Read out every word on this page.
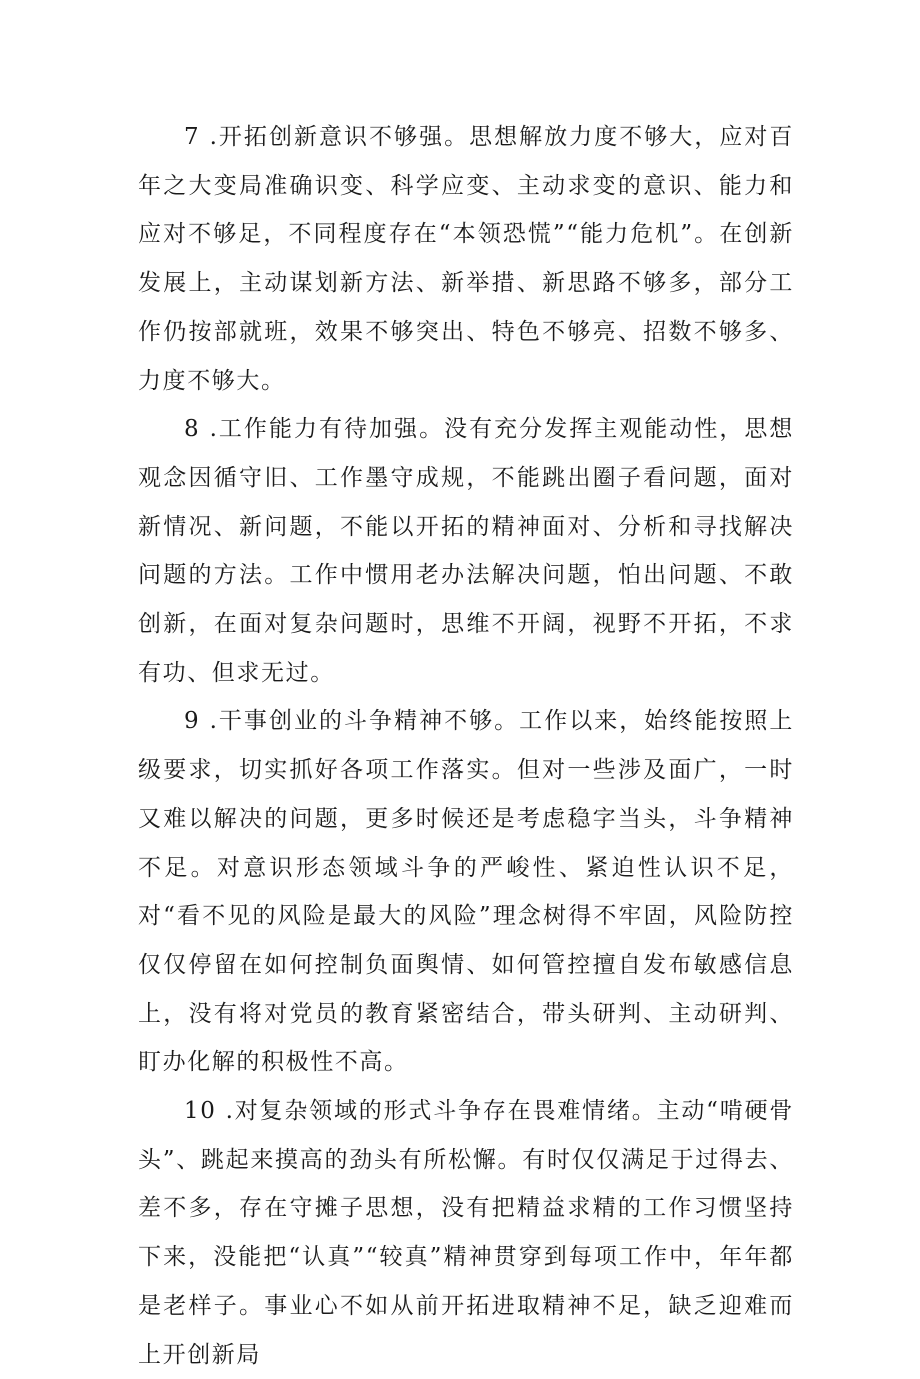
7 .开拓创新意识不够强。思想解放力度不够大，应对百年之大变局准确识变、科学应变、主动求变的意识、能力和应对不够足，不同程度存在“本领恐慌”“能力危机”。在创新发展上，主动谋划新方法、新举措、新思路不够多，部分工作仍按部就班，效果不够突出、特色不够亮、招数不够多、力度不够大。

8 .工作能力有待加强。没有充分发挥主观能动性，思想观念因循守旧、工作墨守成规，不能跳出圈子看问题，面对新情况、新问题，不能以开拓的精神面对、分析和寻找解决问题的方法。工作中惯用老办法解决问题，怕出问题、不敢创新，在面对复杂问题时，思维不开阔，视野不开拓，不求有功、但求无过。

9 .干事创业的斗争精神不够。工作以来，始终能按照上级要求，切实抓好各项工作落实。但对一些涉及面广，一时又难以解决的问题，更多时候还是考虑稳字当头，斗争精神不足。对意识形态领域斗争的严峻性、紧迫性认识不足，对“看不见的风险是最大的风险”理念树得不牢固，风险防控仅仅停留在如何控制负面舆情、如何管控擅自发布敏感信息上，没有将对党员的教育紧密结合，带头研判、主动研判、盯办化解的积极性不高。

10 .对复杂领域的形式斗争存在畏难情绪。主动“啃硬骨头”、跳起来摸高的劲头有所松懈。有时仅仅满足于过得去、差不多，存在守摊子思想，没有把精益求精的工作习惯坚持下来，没能把“认真”“较真”精神贯穿到每项工作中，年年都是老样子。事业心不如从前开拓进取精神不足，缺乏迎难而上开创新局
